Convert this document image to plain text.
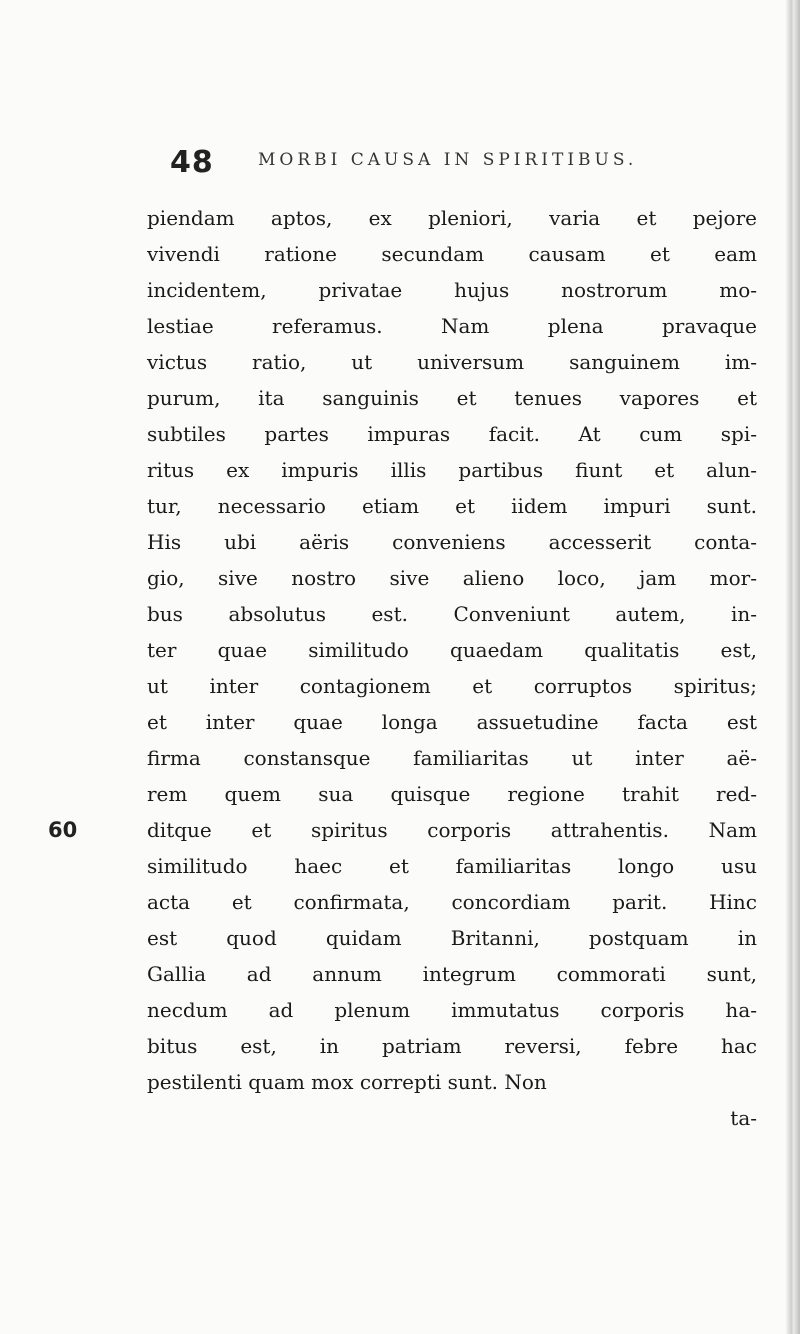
48	MORBI CAUSA IN SPIRITIBUS.
piendam aptos, ex pleniori, varia et pejore
vivendi ratione secundam causam et eam
incidentem, privatae hujus nostrorum mo-
lestiae referamus. Nam plena pravaque
victus ratio, ut universum sanguinem im-
purum, ita sanguinis et tenues vapores et
subtiles partes impuras facit. At cum spi-
ritus ex impuris illis partibus fiunt et alun-
tur, necessario etiam et iidem impuri sunt.
His ubi aëris conveniens accesserit conta-
gio, sive nostro sive alieno loco, jam mor-
bus absolutus est. Conveniunt autem, in-
ter quae similitudo quaedam qualitatis est,
ut inter contagionem et corruptos spiritus;
et inter quae longa assuetudine facta est
firma constansque familiaritas ut inter aë-
rem quem sua quisque regione trahit red-
ditque et spiritus corporis attrahentis. Nam
similitudo haec et familiaritas longo usu
acta et confirmata, concordiam parit. Hinc
est quod quidam Britanni, postquam in
Gallia ad annum integrum commorati sunt,
necdum ad plenum immutatus corporis ha-
bitus est, in patriam reversi, febre hac
pestilenti quam mox correpti sunt. Non
ta-
60
